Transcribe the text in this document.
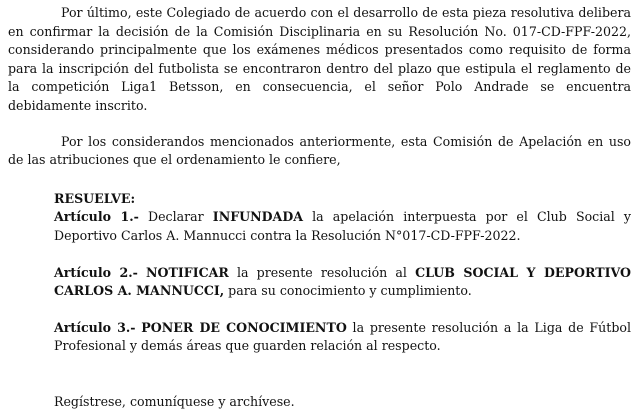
Por último, este Colegiado de acuerdo con el desarrollo de esta pieza resolutiva delibera en confirmar la decisión de la Comisión Disciplinaria en su Resolución No. 017-CD-FPF-2022, considerando principalmente que los exámenes médicos presentados como requisito de forma para la inscripción del futbolista se encontraron dentro del plazo que estipula el reglamento de la competición Liga1 Betsson, en consecuencia, el señor Polo Andrade se encuentra debidamente inscrito.

Por los considerandos mencionados anteriormente, esta Comisión de Apelación en uso de las atribuciones que el ordenamiento le confiere,

RESUELVE:

Artículo 1.- Declarar INFUNDADA la apelación interpuesta por el Club Social y Deportivo Carlos A. Mannucci contra la Resolución N°017-CD-FPF-2022.

Artículo 2.- NOTIFICAR la presente resolución al CLUB SOCIAL Y DEPORTIVO CARLOS A. MANNUCCI, para su conocimiento y cumplimiento.

Artículo 3.- PONER DE CONOCIMIENTO la presente resolución a la Liga de Fútbol Profesional y demás áreas que guarden relación al respecto.

Regístrese, comuníquese y archívese.
